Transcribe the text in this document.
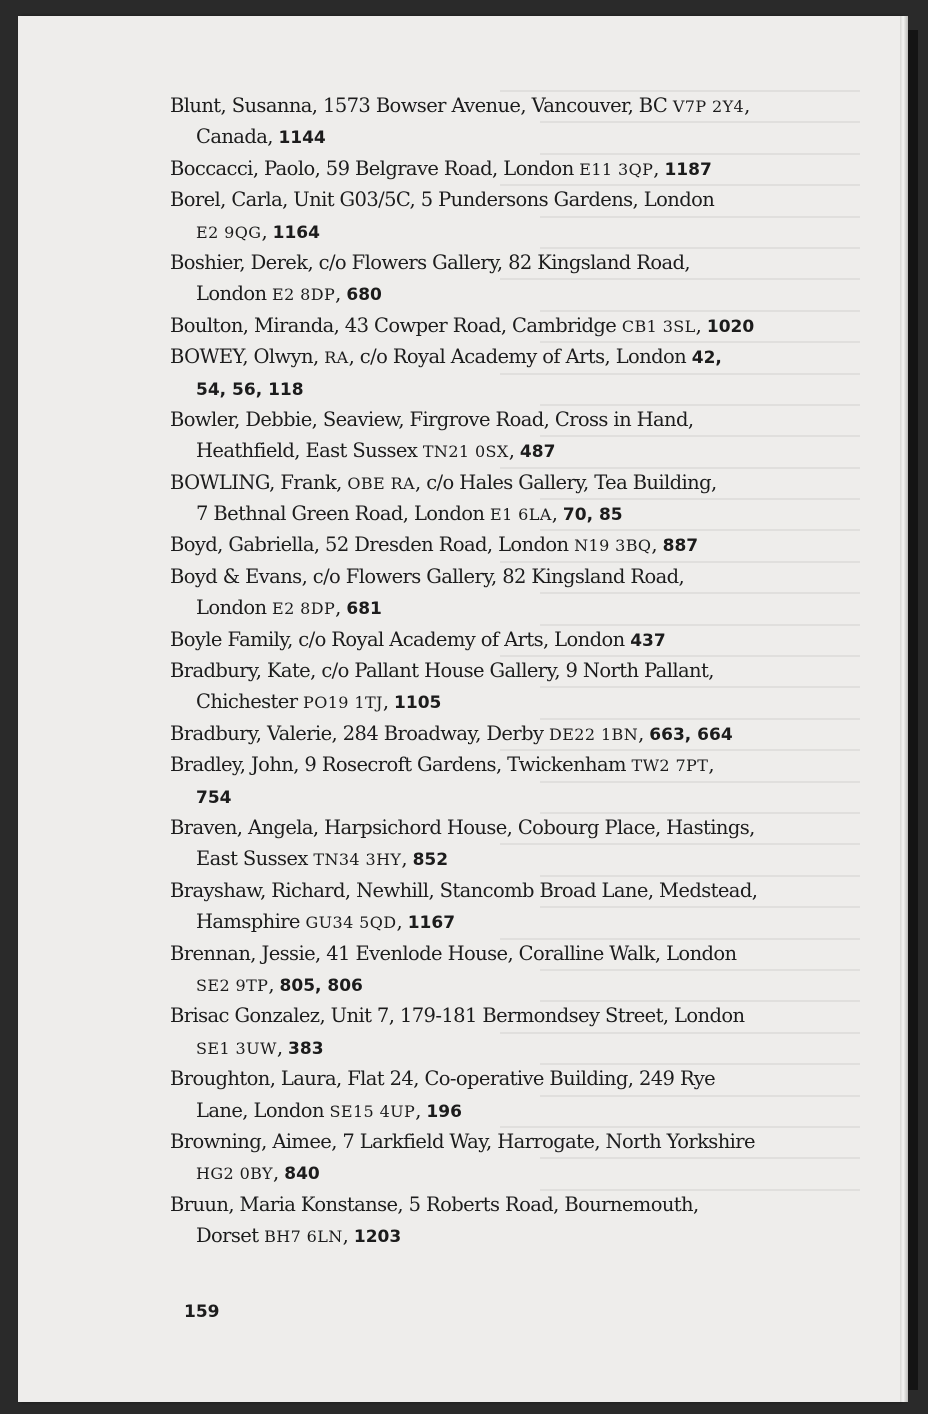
Blunt, Susanna, 1573 Bowser Avenue, Vancouver, BC V7P 2Y4,
Canada, 1144
Boccacci, Paolo, 59 Belgrave Road, London E11 3QP, 1187
Borel, Carla, Unit G03/5C, 5 Pundersons Gardens, London
E2 9QG, 1164
Boshier, Derek, c/o Flowers Gallery, 82 Kingsland Road,
London E2 8DP, 680
Boulton, Miranda, 43 Cowper Road, Cambridge CB1 3SL, 1020
BOWEY, Olwyn, RA, c/o Royal Academy of Arts, London 42,
54, 56, 118
Bowler, Debbie, Seaview, Firgrove Road, Cross in Hand,
Heathfield, East Sussex TN21 0SX, 487
BOWLING, Frank, OBE RA, c/o Hales Gallery, Tea Building,
7 Bethnal Green Road, London E1 6LA, 70, 85
Boyd, Gabriella, 52 Dresden Road, London N19 3BQ, 887
Boyd & Evans, c/o Flowers Gallery, 82 Kingsland Road,
London E2 8DP, 681
Boyle Family, c/o Royal Academy of Arts, London 437
Bradbury, Kate, c/o Pallant House Gallery, 9 North Pallant,
Chichester PO19 1TJ, 1105
Bradbury, Valerie, 284 Broadway, Derby DE22 1BN, 663, 664
Bradley, John, 9 Rosecroft Gardens, Twickenham TW2 7PT,
754
Braven, Angela, Harpsichord House, Cobourg Place, Hastings,
East Sussex TN34 3HY, 852
Brayshaw, Richard, Newhill, Stancomb Broad Lane, Medstead,
Hamsphire GU34 5QD, 1167
Brennan, Jessie, 41 Evenlode House, Coralline Walk, London
SE2 9TP, 805, 806
Brisac Gonzalez, Unit 7, 179-181 Bermondsey Street, London
SE1 3UW, 383
Broughton, Laura, Flat 24, Co-operative Building, 249 Rye
Lane, London SE15 4UP, 196
Browning, Aimee, 7 Larkfield Way, Harrogate, North Yorkshire
HG2 0BY, 840
Bruun, Maria Konstanse, 5 Roberts Road, Bournemouth,
Dorset BH7 6LN, 1203
159
